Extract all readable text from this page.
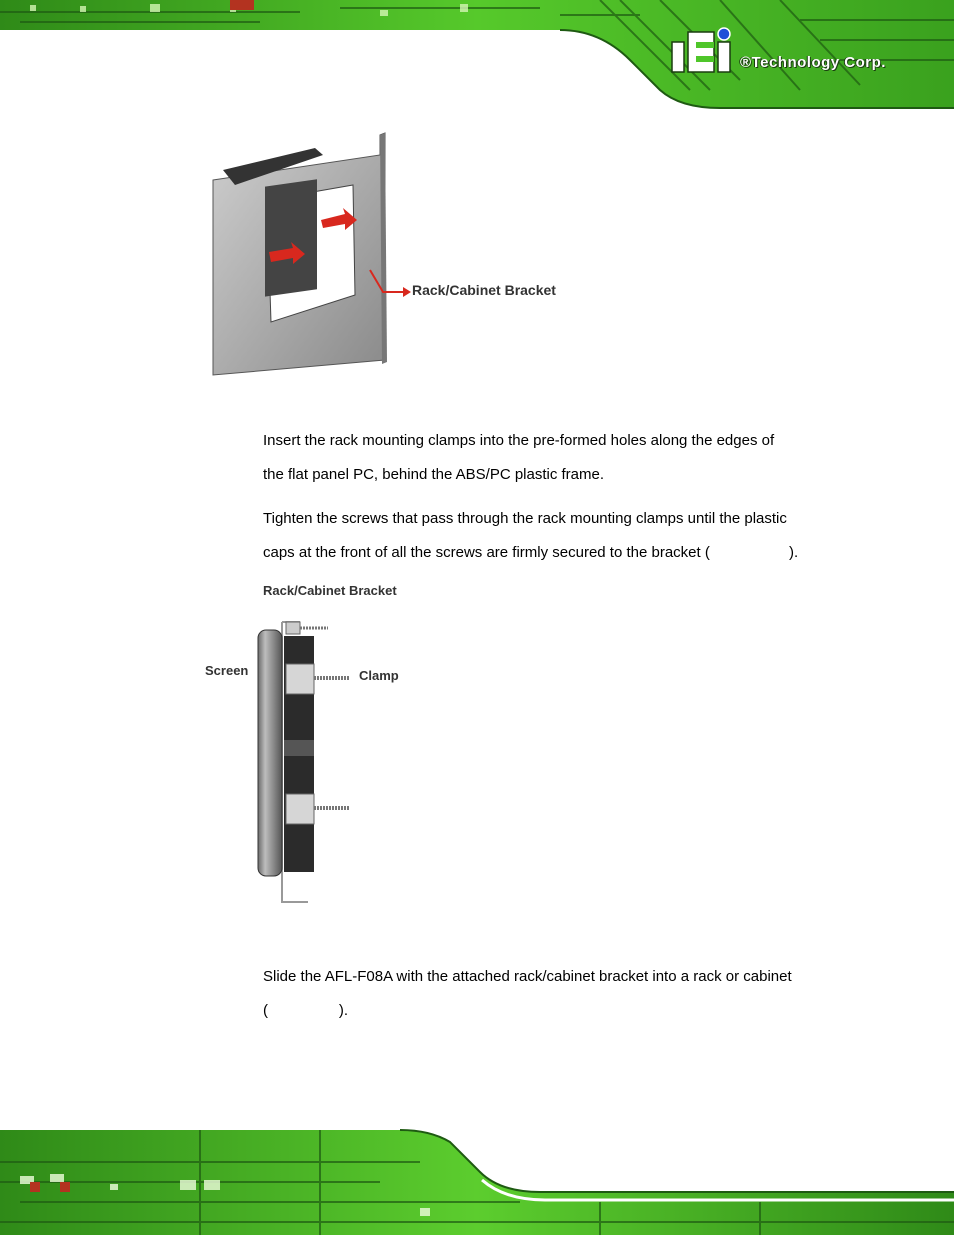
®Technology Corp.
Rack/Cabinet Bracket
Insert the rack mounting clamps into the pre-formed holes along the edges of
the flat panel PC, behind the ABS/PC plastic frame.
Tighten the screws that pass through the rack mounting clamps until the plastic
caps at the front of all the screws are firmly secured to the bracket (                   ).
Rack/Cabinet Bracket
Screen	Clamp
Slide the AFL-F08A with the attached rack/cabinet bracket into a rack or cabinet
(                 ).
